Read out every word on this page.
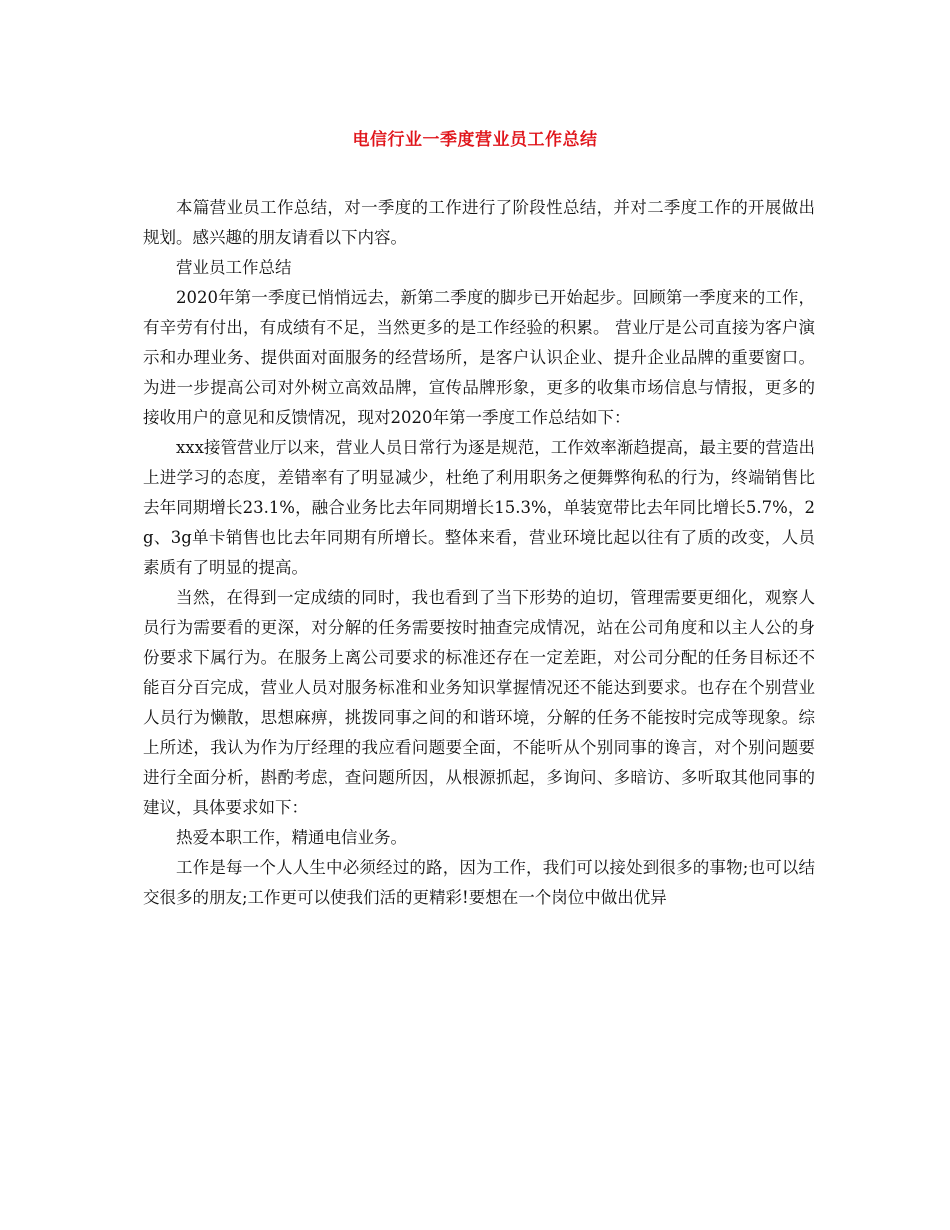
电信行业一季度营业员工作总结

本篇营业员工作总结，对一季度的工作进行了阶段性总结，并对二季度工作的开展做出规划。感兴趣的朋友请看以下内容。

营业员工作总结

2020年第一季度已悄悄远去，新第二季度的脚步已开始起步。回顾第一季度来的工作，有辛劳有付出，有成绩有不足，当然更多的是工作经验的积累。 营业厅是公司直接为客户演示和办理业务、提供面对面服务的经营场所，是客户认识企业、提升企业品牌的重要窗口。为进一步提高公司对外树立高效品牌，宣传品牌形象，更多的收集市场信息与情报，更多的接收用户的意见和反馈情况，现对2020年第一季度工作总结如下：

xxx接管营业厅以来，营业人员日常行为逐是规范，工作效率渐趋提高，最主要的营造出上进学习的态度，差错率有了明显减少，杜绝了利用职务之便舞弊徇私的行为，终端销售比去年同期增长23.1%，融合业务比去年同期增长15.3%，单装宽带比去年同比增长5.7%，2g、3g单卡销售也比去年同期有所增长。整体来看，营业环境比起以往有了质的改变，人员素质有了明显的提高。

当然，在得到一定成绩的同时，我也看到了当下形势的迫切，管理需要更细化，观察人员行为需要看的更深，对分解的任务需要按时抽查完成情况，站在公司角度和以主人公的身份要求下属行为。在服务上离公司要求的标准还存在一定差距，对公司分配的任务目标还不能百分百完成，营业人员对服务标准和业务知识掌握情况还不能达到要求。也存在个别营业人员行为懒散，思想麻痹，挑拨同事之间的和谐环境，分解的任务不能按时完成等现象。综上所述，我认为作为厅经理的我应看问题要全面，不能听从个别同事的谗言，对个别问题要进行全面分析，斟酌考虑，查问题所因，从根源抓起，多询问、多暗访、多听取其他同事的建议，具体要求如下：

热爱本职工作，精通电信业务。

工作是每一个人人生中必须经过的路，因为工作，我们可以接处到很多的事物;也可以结交很多的朋友;工作更可以使我们活的更精彩!要想在一个岗位中做出优异
